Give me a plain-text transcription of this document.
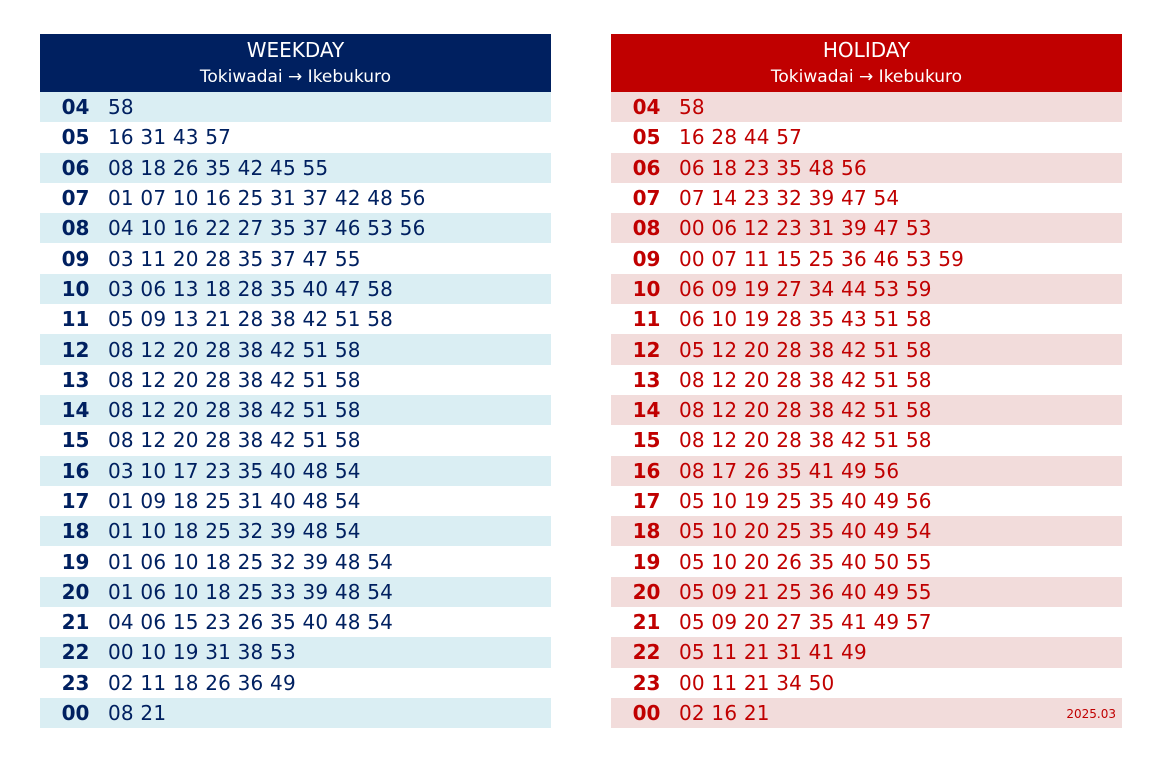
WEEKDAY
Tokiwadai → Ikebukuro
04 58
05 16 31 43 57
06 08 18 26 35 42 45 55
07 01 07 10 16 25 31 37 42 48 56
08 04 10 16 22 27 35 37 46 53 56
09 03 11 20 28 35 37 47 55
10 03 06 13 18 28 35 40 47 58
11 05 09 13 21 28 38 42 51 58
12 08 12 20 28 38 42 51 58
13 08 12 20 28 38 42 51 58
14 08 12 20 28 38 42 51 58
15 08 12 20 28 38 42 51 58
16 03 10 17 23 35 40 48 54
17 01 09 18 25 31 40 48 54
18 01 10 18 25 32 39 48 54
19 01 06 10 18 25 32 39 48 54
20 01 06 10 18 25 33 39 48 54
21 04 06 15 23 26 35 40 48 54
22 00 10 19 31 38 53
23 02 11 18 26 36 49
00 08 21
HOLIDAY
Tokiwadai → Ikebukuro
04 58
05 16 28 44 57
06 06 18 23 35 48 56
07 07 14 23 32 39 47 54
08 00 06 12 23 31 39 47 53
09 00 07 11 15 25 36 46 53 59
10 06 09 19 27 34 44 53 59
11 06 10 19 28 35 43 51 58
12 05 12 20 28 38 42 51 58
13 08 12 20 28 38 42 51 58
14 08 12 20 28 38 42 51 58
15 08 12 20 28 38 42 51 58
16 08 17 26 35 41 49 56
17 05 10 19 25 35 40 49 56
18 05 10 20 25 35 40 49 54
19 05 10 20 26 35 40 50 55
20 05 09 21 25 36 40 49 55
21 05 09 20 27 35 41 49 57
22 05 11 21 31 41 49
23 00 11 21 34 50
00 02 16 21	2025.03
